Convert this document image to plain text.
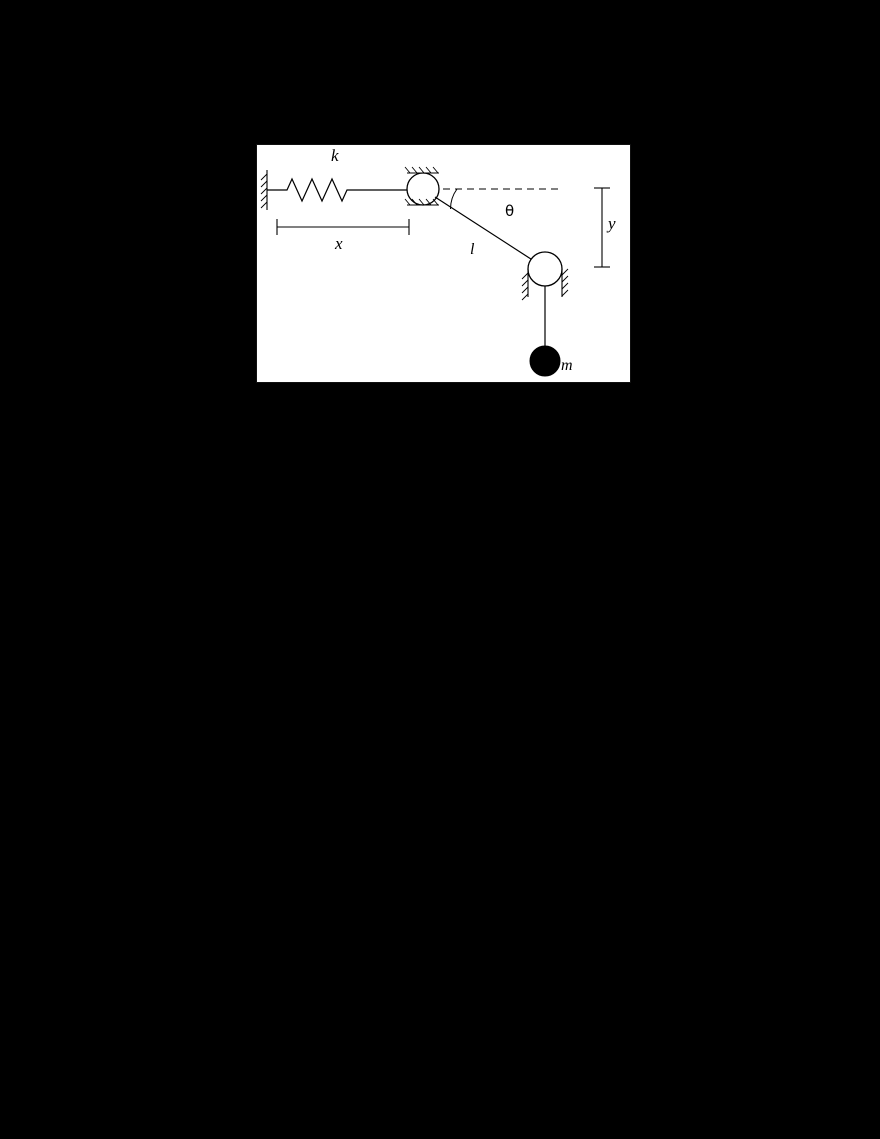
k
θ
x	l
y
m
